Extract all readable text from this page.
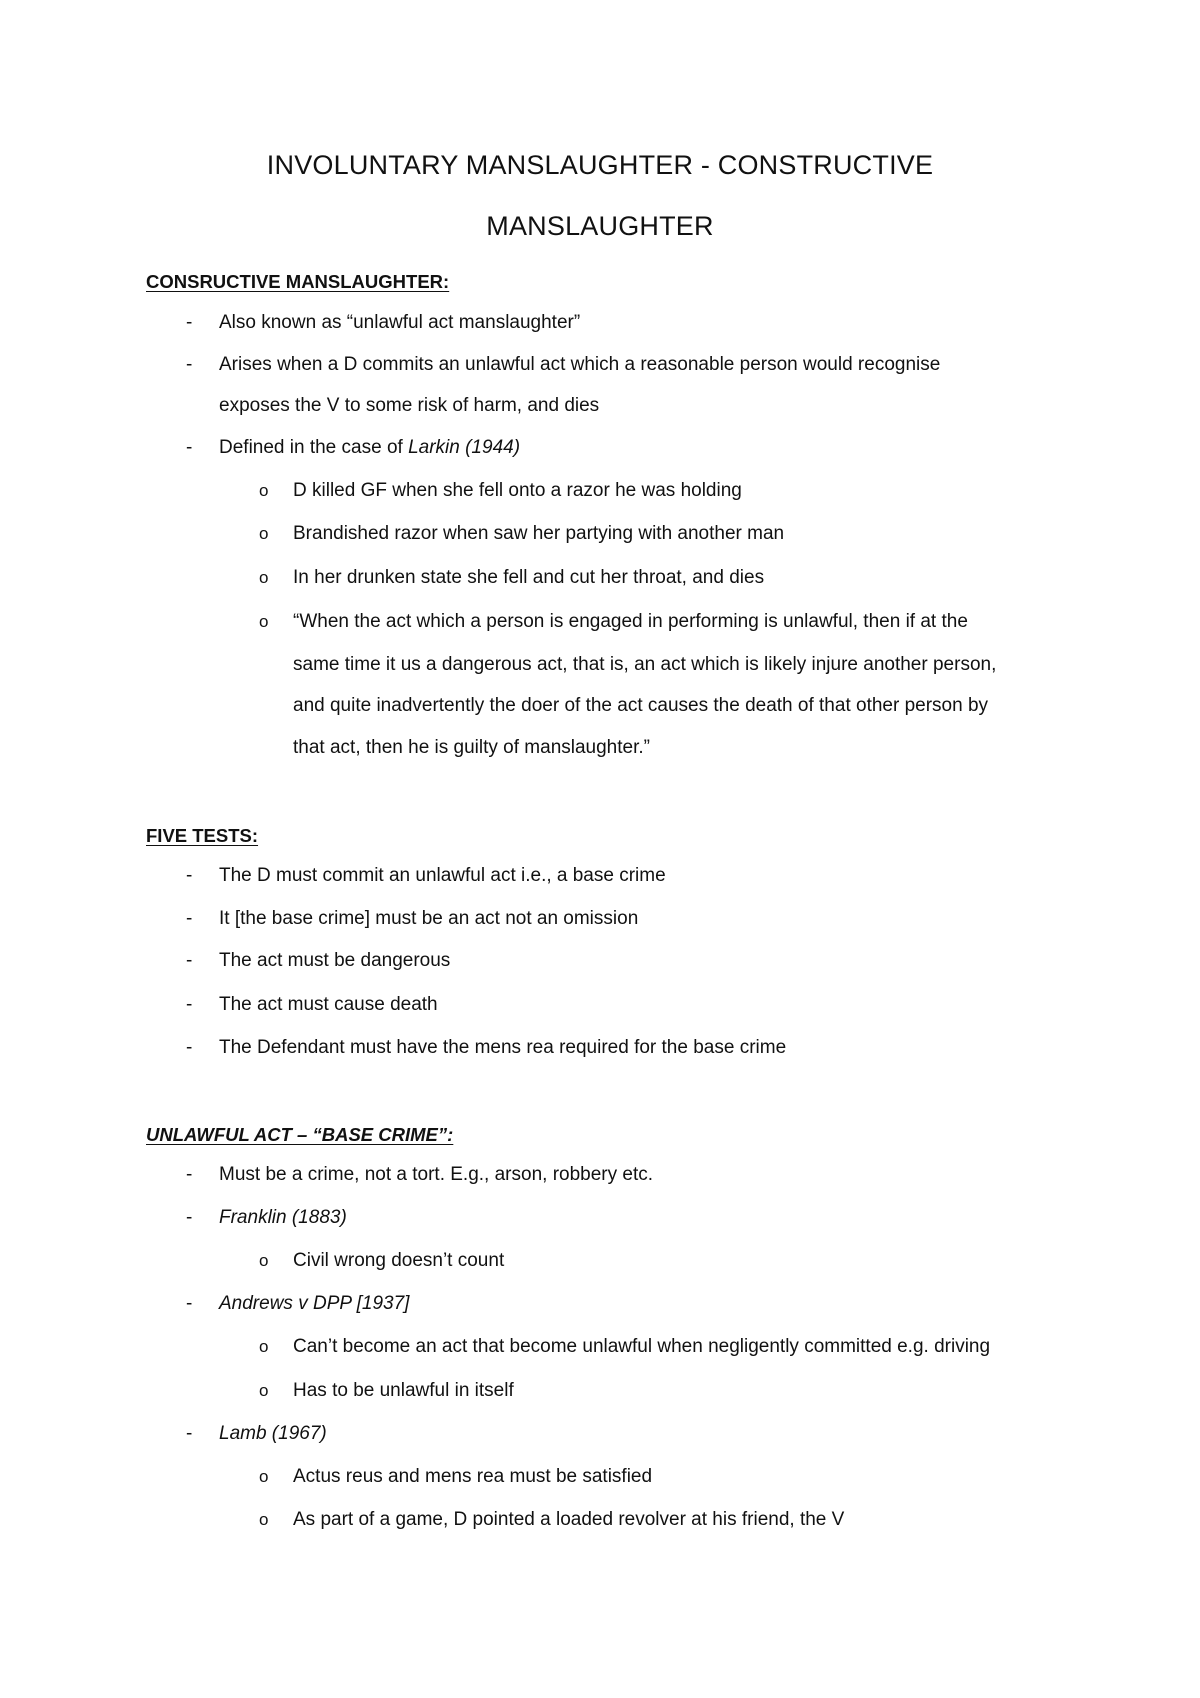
INVOLUNTARY MANSLAUGHTER - CONSTRUCTIVE
MANSLAUGHTER
CONSRUCTIVE MANSLAUGHTER:
- Also known as “unlawful act manslaughter”
- Arises when a D commits an unlawful act which a reasonable person would recognise
exposes the V to some risk of harm, and dies
- Defined in the case of Larkin (1944)
o D killed GF when she fell onto a razor he was holding
o Brandished razor when saw her partying with another man
o In her drunken state she fell and cut her throat, and dies
o “When the act which a person is engaged in performing is unlawful, then if at the
same time it us a dangerous act, that is, an act which is likely injure another person,
and quite inadvertently the doer of the act causes the death of that other person by
that act, then he is guilty of manslaughter.”
FIVE TESTS:
- The D must commit an unlawful act i.e., a base crime
- It [the base crime] must be an act not an omission
- The act must be dangerous
- The act must cause death
- The Defendant must have the mens rea required for the base crime
UNLAWFUL ACT – “BASE CRIME”:
- Must be a crime, not a tort. E.g., arson, robbery etc.
- Franklin (1883)
o Civil wrong doesn’t count
- Andrews v DPP [1937]
o Can’t become an act that become unlawful when negligently committed e.g. driving
o Has to be unlawful in itself
- Lamb (1967)
o Actus reus and mens rea must be satisfied
o As part of a game, D pointed a loaded revolver at his friend, the V
